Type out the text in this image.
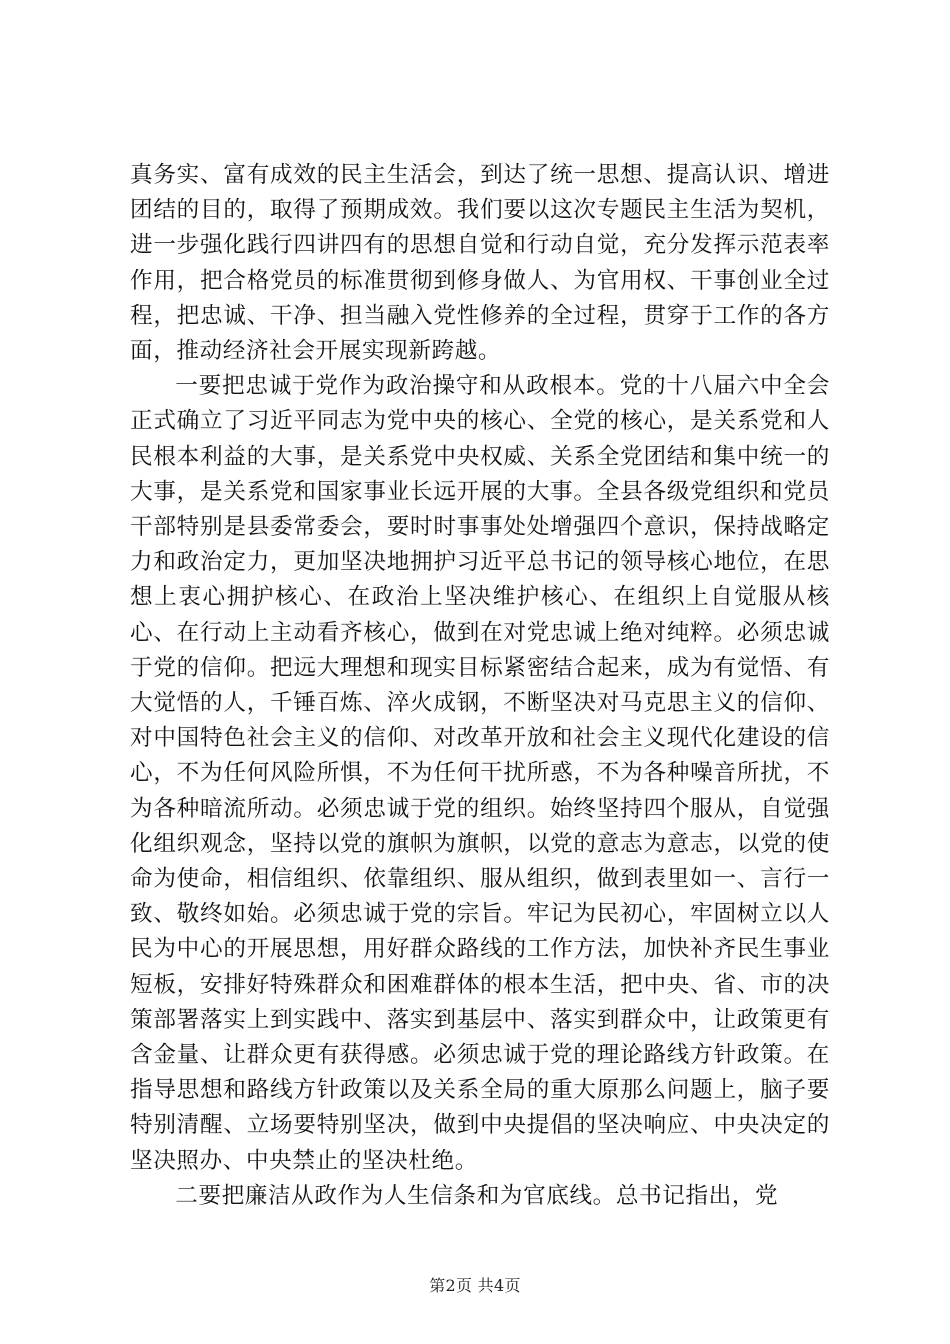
真务实、富有成效的民主生活会，到达了统一思想、提高认识、增进团结的目的，取得了预期成效。我们要以这次专题民主生活为契机，进一步强化践行四讲四有的思想自觉和行动自觉，充分发挥示范表率作用，把合格党员的标准贯彻到修身做人、为官用权、干事创业全过程，把忠诚、干净、担当融入党性修养的全过程，贯穿于工作的各方面，推动经济社会开展实现新跨越。

一要把忠诚于党作为政治操守和从政根本。党的十八届六中全会正式确立了习近平同志为党中央的核心、全党的核心，是关系党和人民根本利益的大事，是关系党中央权威、关系全党团结和集中统一的大事，是关系党和国家事业长远开展的大事。全县各级党组织和党员干部特别是县委常委会，要时时事事处处增强四个意识，保持战略定力和政治定力，更加坚决地拥护习近平总书记的领导核心地位，在思想上衷心拥护核心、在政治上坚决维护核心、在组织上自觉服从核心、在行动上主动看齐核心，做到在对党忠诚上绝对纯粹。必须忠诚于党的信仰。把远大理想和现实目标紧密结合起来，成为有觉悟、有大觉悟的人，千锤百炼、淬火成钢，不断坚决对马克思主义的信仰、对中国特色社会主义的信仰、对改革开放和社会主义现代化建设的信心，不为任何风险所惧，不为任何干扰所惑，不为各种噪音所扰，不为各种暗流所动。必须忠诚于党的组织。始终坚持四个服从，自觉强化组织观念，坚持以党的旗帜为旗帜，以党的意志为意志，以党的使命为使命，相信组织、依靠组织、服从组织，做到表里如一、言行一致、敬终如始。必须忠诚于党的宗旨。牢记为民初心，牢固树立以人民为中心的开展思想，用好群众路线的工作方法，加快补齐民生事业短板，安排好特殊群众和困难群体的根本生活，把中央、省、市的决策部署落实上到实践中、落实到基层中、落实到群众中，让政策更有含金量、让群众更有获得感。必须忠诚于党的理论路线方针政策。在指导思想和路线方针政策以及关系全局的重大原那么问题上，脑子要特别清醒、立场要特别坚决，做到中央提倡的坚决响应、中央决定的坚决照办、中央禁止的坚决杜绝。

二要把廉洁从政作为人生信条和为官底线。总书记指出，党

第2页 共4页
